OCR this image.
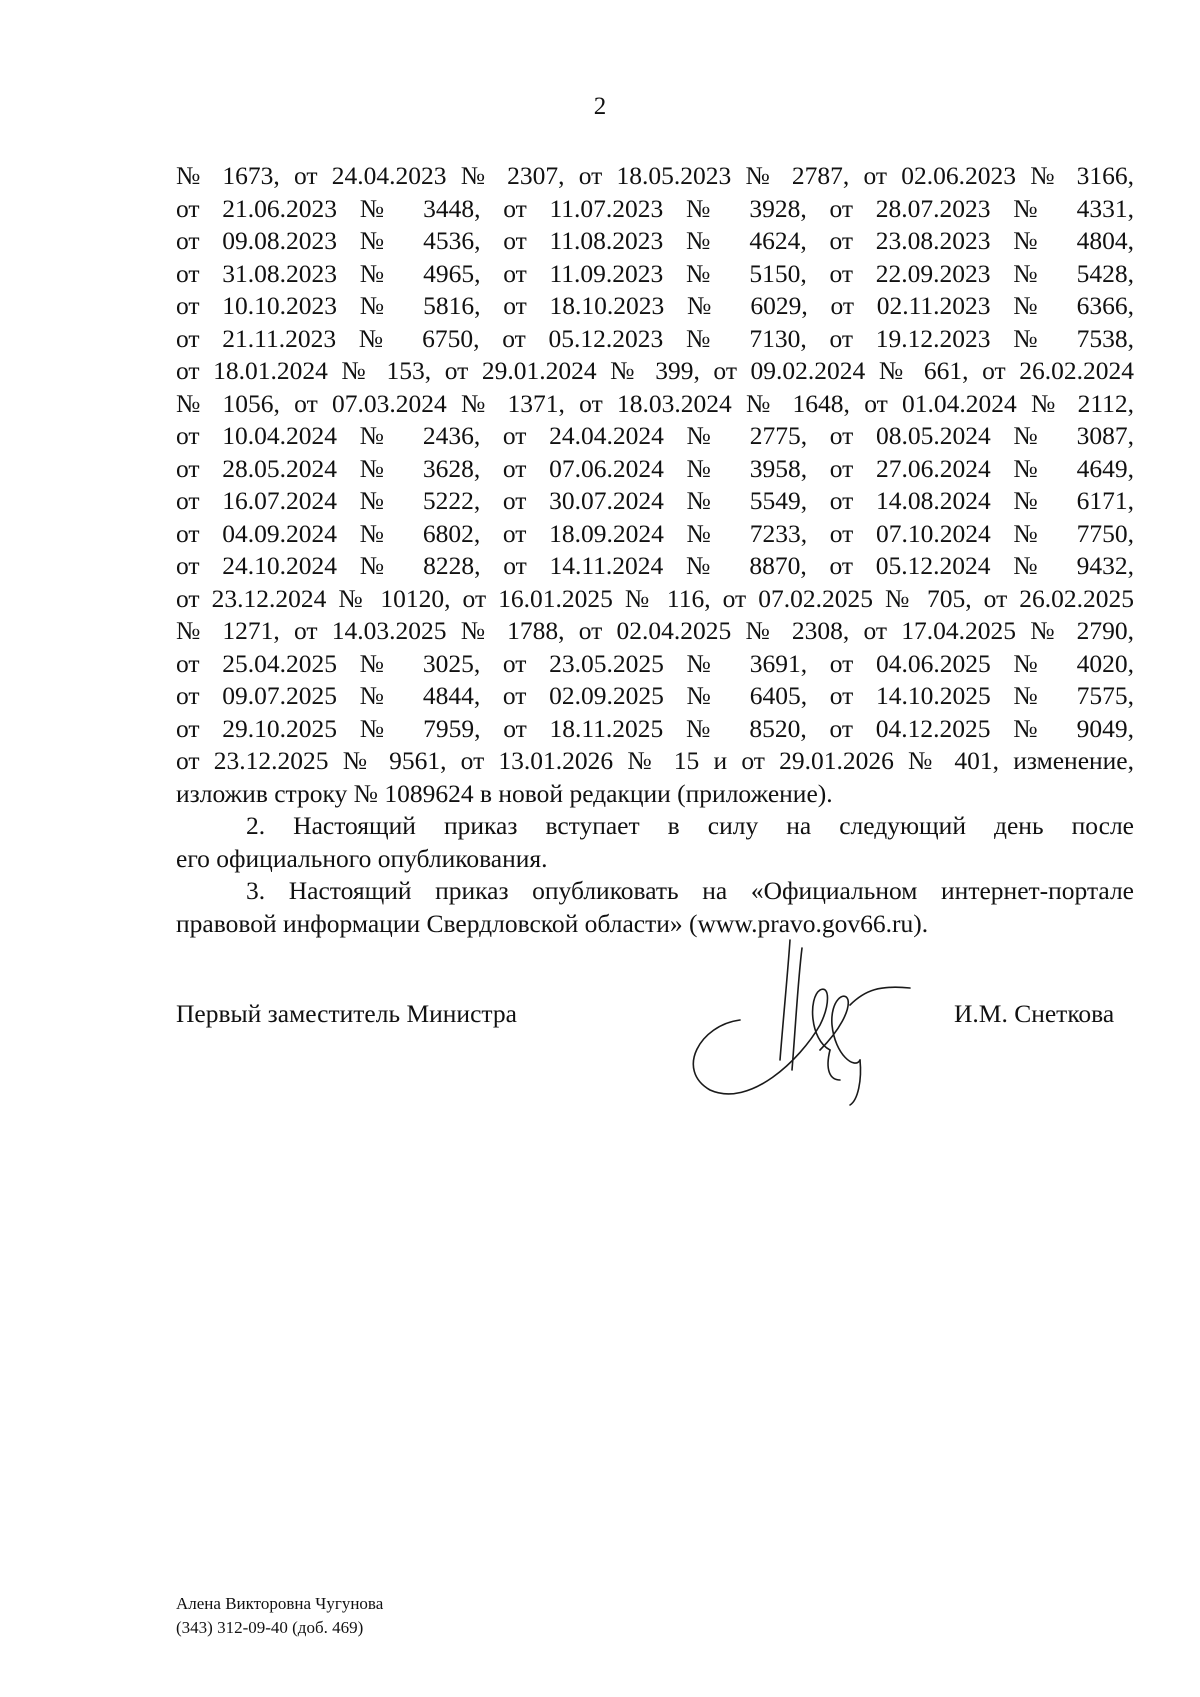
2
№ 1673, от 24.04.2023 № 2307, от 18.05.2023 № 2787, от 02.06.2023 № 3166,
от 21.06.2023 № 3448, от 11.07.2023 № 3928, от 28.07.2023 № 4331,
от 09.08.2023 № 4536, от 11.08.2023 № 4624, от 23.08.2023 № 4804,
от 31.08.2023 № 4965, от 11.09.2023 № 5150, от 22.09.2023 № 5428,
от 10.10.2023 № 5816, от 18.10.2023 № 6029, от 02.11.2023 № 6366,
от 21.11.2023 № 6750, от 05.12.2023 № 7130, от 19.12.2023 № 7538,
от 18.01.2024 № 153, от 29.01.2024 № 399, от 09.02.2024 № 661, от 26.02.2024
№ 1056, от 07.03.2024 № 1371, от 18.03.2024 № 1648, от 01.04.2024 № 2112,
от 10.04.2024 № 2436, от 24.04.2024 № 2775, от 08.05.2024 № 3087,
от 28.05.2024 № 3628, от 07.06.2024 № 3958, от 27.06.2024 № 4649,
от 16.07.2024 № 5222, от 30.07.2024 № 5549, от 14.08.2024 № 6171,
от 04.09.2024 № 6802, от 18.09.2024 № 7233, от 07.10.2024 № 7750,
от 24.10.2024 № 8228, от 14.11.2024 № 8870, от 05.12.2024 № 9432,
от 23.12.2024 № 10120, от 16.01.2025 № 116, от 07.02.2025 № 705, от 26.02.2025
№ 1271, от 14.03.2025 № 1788, от 02.04.2025 № 2308, от 17.04.2025 № 2790,
от 25.04.2025 № 3025, от 23.05.2025 № 3691, от 04.06.2025 № 4020,
от 09.07.2025 № 4844, от 02.09.2025 № 6405, от 14.10.2025 № 7575,
от 29.10.2025 № 7959, от 18.11.2025 № 8520, от 04.12.2025 № 9049,
от 23.12.2025 № 9561, от 13.01.2026 № 15 и от 29.01.2026 № 401, изменение,
изложив строку № 1089624 в новой редакции (приложение).
2. Настоящий приказ вступает в силу на следующий день после
его официального опубликования.
3. Настоящий приказ опубликовать на «Официальном интернет-портале
правовой информации Свердловской области» (www.pravo.gov66.ru).
Первый заместитель Министра	И.М. Снеткова
Алена Викторовна Чугунова
(343) 312-09-40 (доб. 469)
